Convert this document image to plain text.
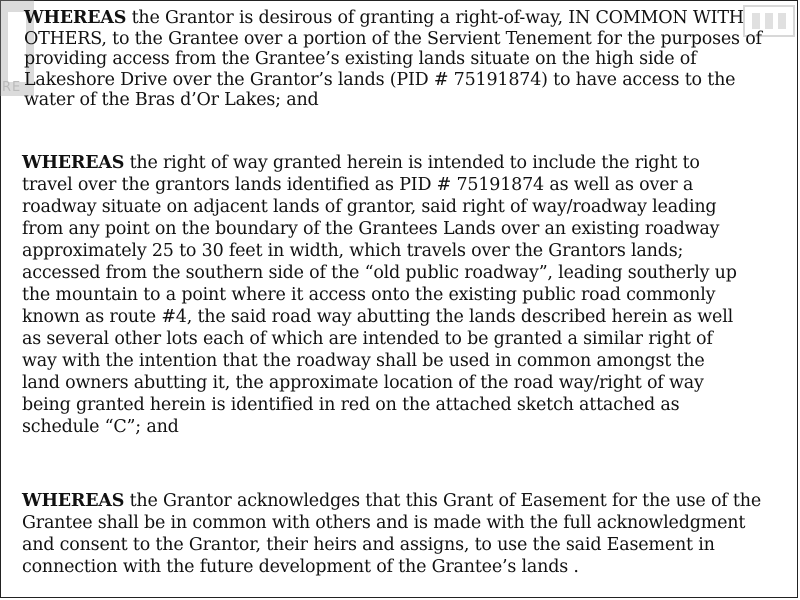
RE

WHEREAS the Grantor is desirous of granting a right-of-way, IN COMMON WITH
OTHERS, to the Grantee over a portion of the Servient Tenement for the purposes of
providing access from the Grantee’s existing lands situate on the high side of
Lakeshore Drive over the Grantor’s lands (PID # 75191874) to have access to the
water of the Bras d’Or Lakes; and

WHEREAS the right of way granted herein is intended to include the right to
travel over the grantors lands identified as PID # 75191874 as well as over a
roadway situate on adjacent lands of grantor, said right of way/roadway leading
from any point on the boundary of the Grantees Lands over an existing roadway
approximately 25 to 30 feet in width, which travels over the Grantors lands;
accessed from the southern side of the “old public roadway”, leading southerly up
the mountain to a point where it access onto the existing public road commonly
known as route #4, the said road way abutting the lands described herein as well
as several other lots each of which are intended to be granted a similar right of
way with the intention that the roadway shall be used in common amongst the
land owners abutting it, the approximate location of the road way/right of way
being granted herein is identified in red on the attached sketch attached as
schedule “C”; and

WHEREAS the Grantor acknowledges that this Grant of Easement for the use of the
Grantee shall be in common with others and is made with the full acknowledgment
and consent to the Grantor, their heirs and assigns, to use the said Easement in
connection with the future development of the Grantee’s lands .
